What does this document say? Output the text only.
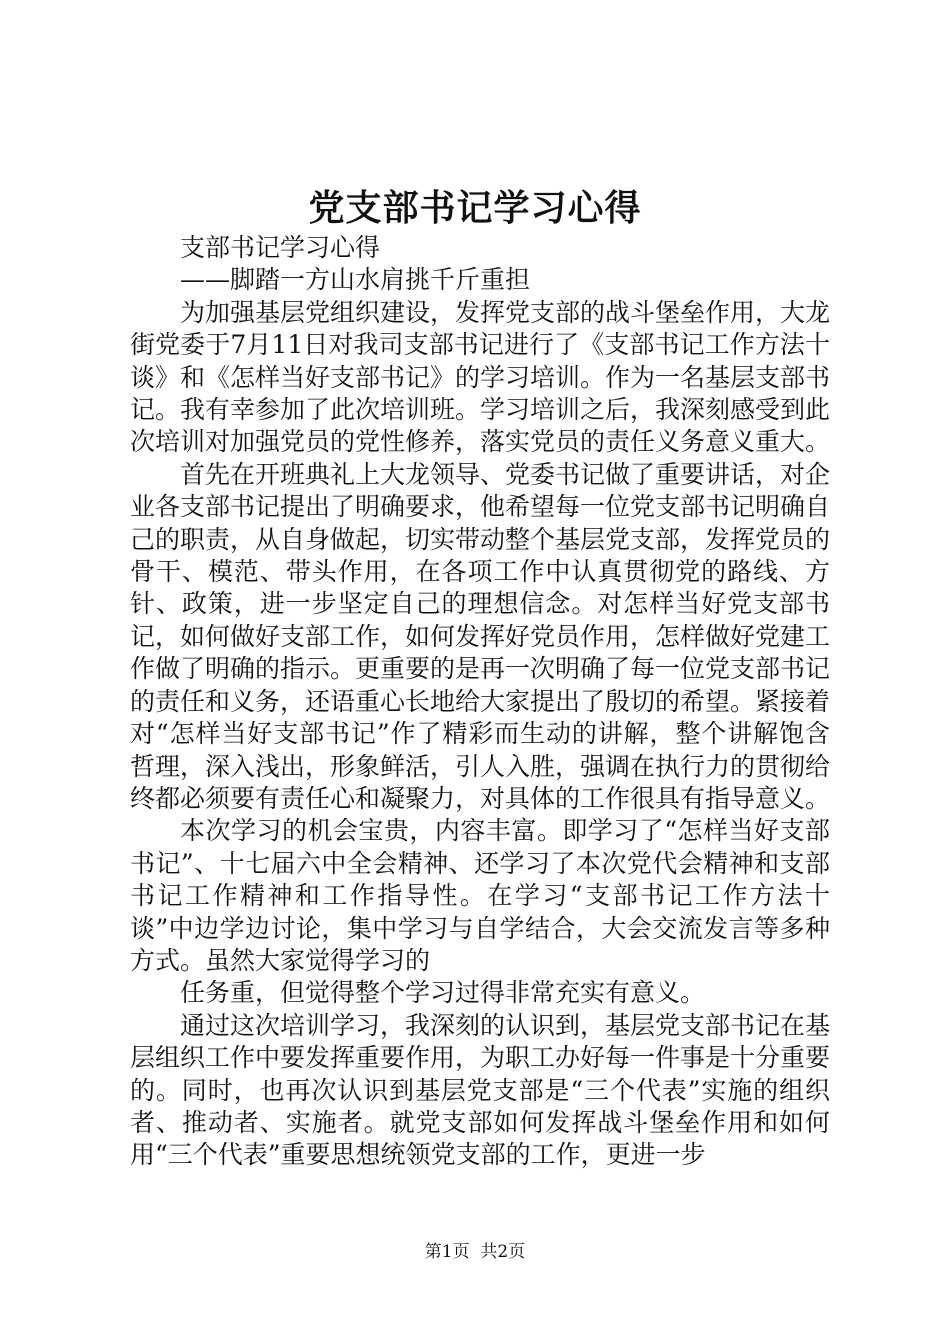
党支部书记学习心得

支部书记学习心得

——脚踏一方山水肩挑千斤重担

为加强基层党组织建设，发挥党支部的战斗堡垒作用，大龙街党委于7月11日对我司支部书记进行了《支部书记工作方法十谈》和《怎样当好支部书记》的学习培训。作为一名基层支部书记。我有幸参加了此次培训班。学习培训之后，我深刻感受到此次培训对加强党员的党性修养，落实党员的责任义务意义重大。

首先在开班典礼上大龙领导、党委书记做了重要讲话，对企业各支部书记提出了明确要求，他希望每一位党支部书记明确自己的职责，从自身做起，切实带动整个基层党支部，发挥党员的骨干、模范、带头作用，在各项工作中认真贯彻党的路线、方针、政策，进一步坚定自己的理想信念。对怎样当好党支部书记，如何做好支部工作，如何发挥好党员作用，怎样做好党建工作做了明确的指示。更重要的是再一次明确了每一位党支部书记的责任和义务，还语重心长地给大家提出了殷切的希望。紧接着对“怎样当好支部书记”作了精彩而生动的讲解，整个讲解饱含哲理，深入浅出，形象鲜活，引人入胜，强调在执行力的贯彻给终都必须要有责任心和凝聚力，对具体的工作很具有指导意义。

本次学习的机会宝贵，内容丰富。即学习了“怎样当好支部书记”、十七届六中全会精神、还学习了本次党代会精神和支部书记工作精神和工作指导性。在学习“支部书记工作方法十谈”中边学边讨论，集中学习与自学结合，大会交流发言等多种方式。虽然大家觉得学习的

任务重，但觉得整个学习过得非常充实有意义。

通过这次培训学习，我深刻的认识到，基层党支部书记在基层组织工作中要发挥重要作用，为职工办好每一件事是十分重要的。同时，也再次认识到基层党支部是“三个代表”实施的组织者、推动者、实施者。就党支部如何发挥战斗堡垒作用和如何用“三个代表”重要思想统领党支部的工作，更进一步

第1页 共2页
